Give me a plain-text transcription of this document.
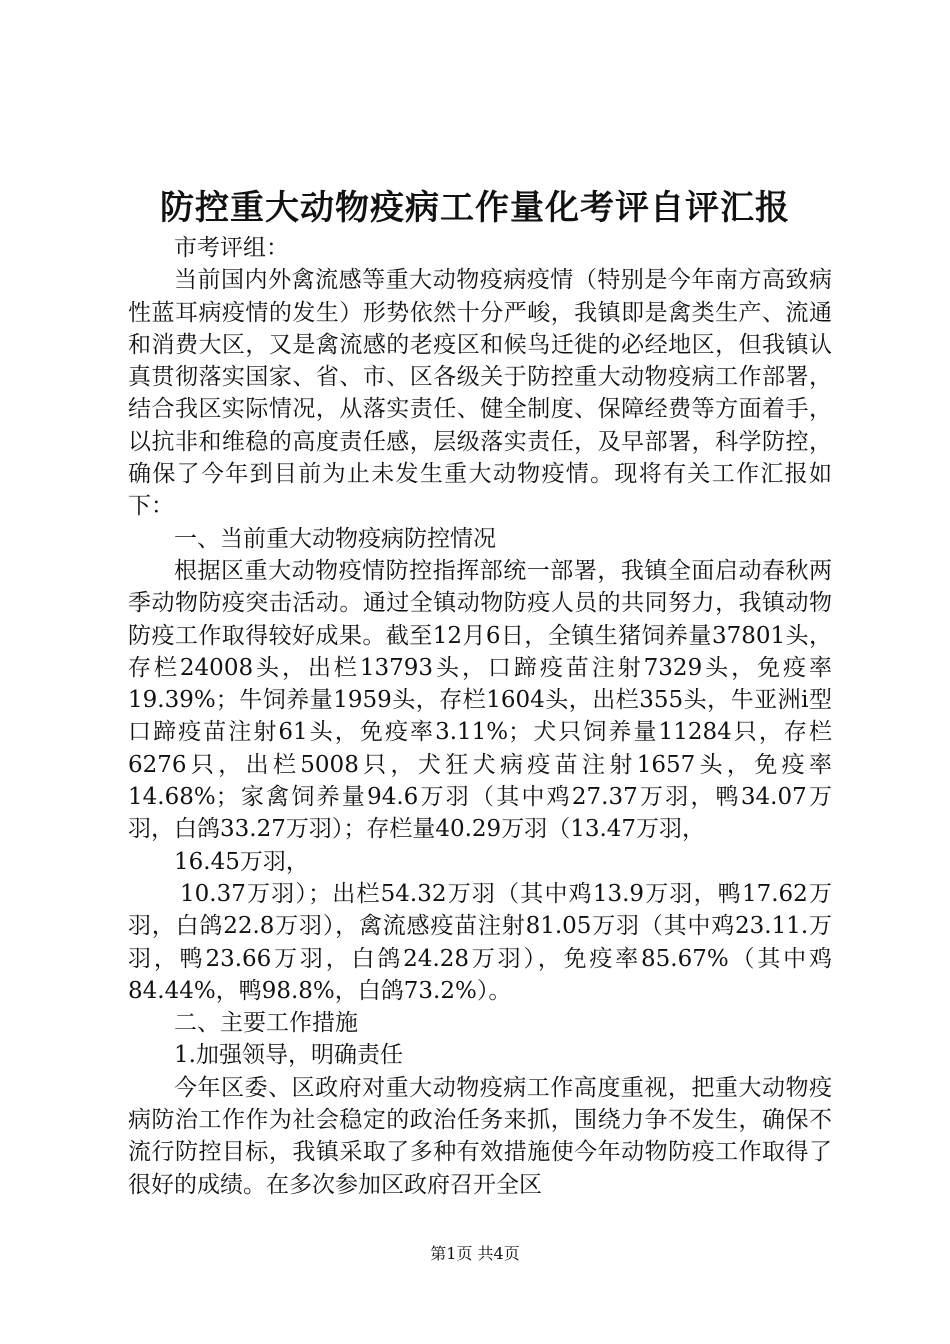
防控重大动物疫病工作量化考评自评汇报

市考评组：

当前国内外禽流感等重大动物疫病疫情（特别是今年南方高致病性蓝耳病疫情的发生）形势依然十分严峻，我镇即是禽类生产、流通和消费大区，又是禽流感的老疫区和候鸟迁徙的必经地区，但我镇认真贯彻落实国家、省、市、区各级关于防控重大动物疫病工作部署，结合我区实际情况，从落实责任、健全制度、保障经费等方面着手，以抗非和维稳的高度责任感，层级落实责任，及早部署，科学防控，确保了今年到目前为止未发生重大动物疫情。现将有关工作汇报如下：

一、当前重大动物疫病防控情况

根据区重大动物疫情防控指挥部统一部署，我镇全面启动春秋两季动物防疫突击活动。通过全镇动物防疫人员的共同努力，我镇动物防疫工作取得较好成果。截至12月6日，全镇生猪饲养量37801头，存栏24008头，出栏13793头，口蹄疫苗注射7329头，免疫率19.39%；牛饲养量1959头，存栏1604头，出栏355头，牛亚洲ⅰ型口蹄疫苗注射61头，免疫率3.11%；犬只饲养量11284只，存栏6276只，出栏5008只，犬狂犬病疫苗注射1657头，免疫率14.68%；家禽饲养量94.6万羽（其中鸡27.37万羽，鸭34.07万羽，白鸽33.27万羽）；存栏量40.29万羽（13.47万羽，

16.45万羽，

10.37万羽）；出栏54.32万羽（其中鸡13.9万羽，鸭17.62万羽，白鸽22.8万羽），禽流感疫苗注射81.05万羽（其中鸡23.11.万羽，鸭23.66万羽，白鸽24.28万羽），免疫率85.67%（其中鸡84.44%，鸭98.8%，白鸽73.2%）。

二、主要工作措施

1.加强领导，明确责任

今年区委、区政府对重大动物疫病工作高度重视，把重大动物疫病防治工作作为社会稳定的政治任务来抓，围绕力争不发生，确保不流行防控目标，我镇采取了多种有效措施使今年动物防疫工作取得了很好的成绩。在多次参加区政府召开全区

第1页 共4页
